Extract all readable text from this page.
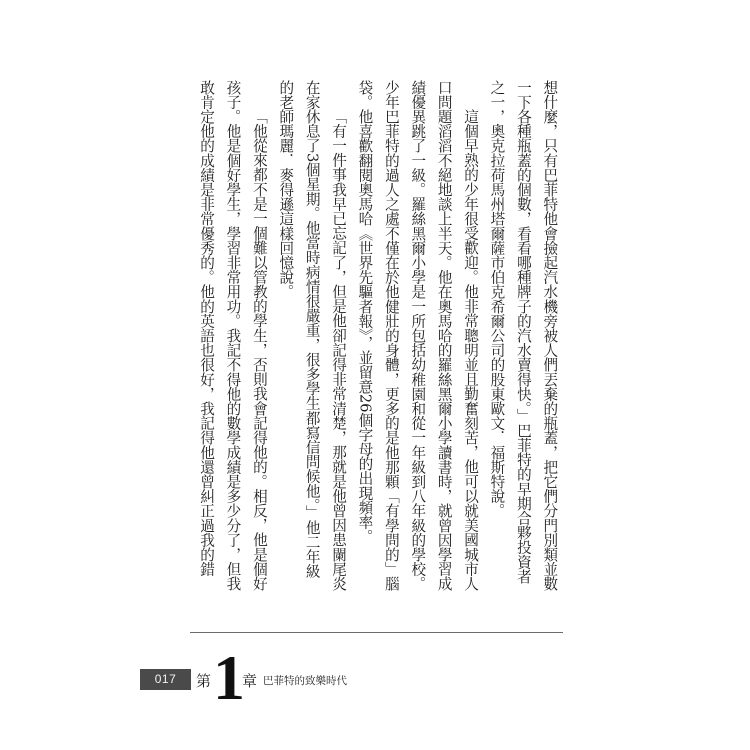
想什麼，只有巴菲特他會撿起汽水機旁被人們丟棄的瓶蓋，把它們分門別類並數
一下各種瓶蓋的個數，看看哪種牌子的汽水賣得快。」巴菲特的早期合夥投資者
之一，奧克拉荷馬州塔爾薩市伯克希爾公司的股東歐文．福斯特說。
這個早熟的少年很受歡迎。他非常聰明並且勤奮刻苦，他可以就美國城市人
口問題滔滔不絕地談上半天。他在奧馬哈的羅絲黑爾小學讀書時，就曾因學習成
績優異跳了一級。羅絲黑爾小學是一所包括幼稚園和從一年級到八年級的學校。
少年巴菲特的過人之處不僅在於他健壯的身體，更多的是他那顆「有學問的」腦
袋。他喜歡翻閱奧馬哈《世界先驅者報》，並留意26個字母的出現頻率。
「有一件事我早已忘記了，但是他卻記得非常清楚，那就是他曾因患闌尾炎
在家休息了3個星期。他當時病情很嚴重，很多學生都寫信問候他。」他二年級
的老師瑪麗．麥得遜這樣回憶說。
「他從來都不是一個難以管教的學生，否則我會記得他的。相反，他是個好
孩子。他是個好學生，學習非常用功。我記不得他的數學成績是多少分了，但我
敢肯定他的成績是非常優秀的。他的英語也很好，我記得他還曾糾正過我的錯
017	第 1
章 巴菲特的致樂時代
